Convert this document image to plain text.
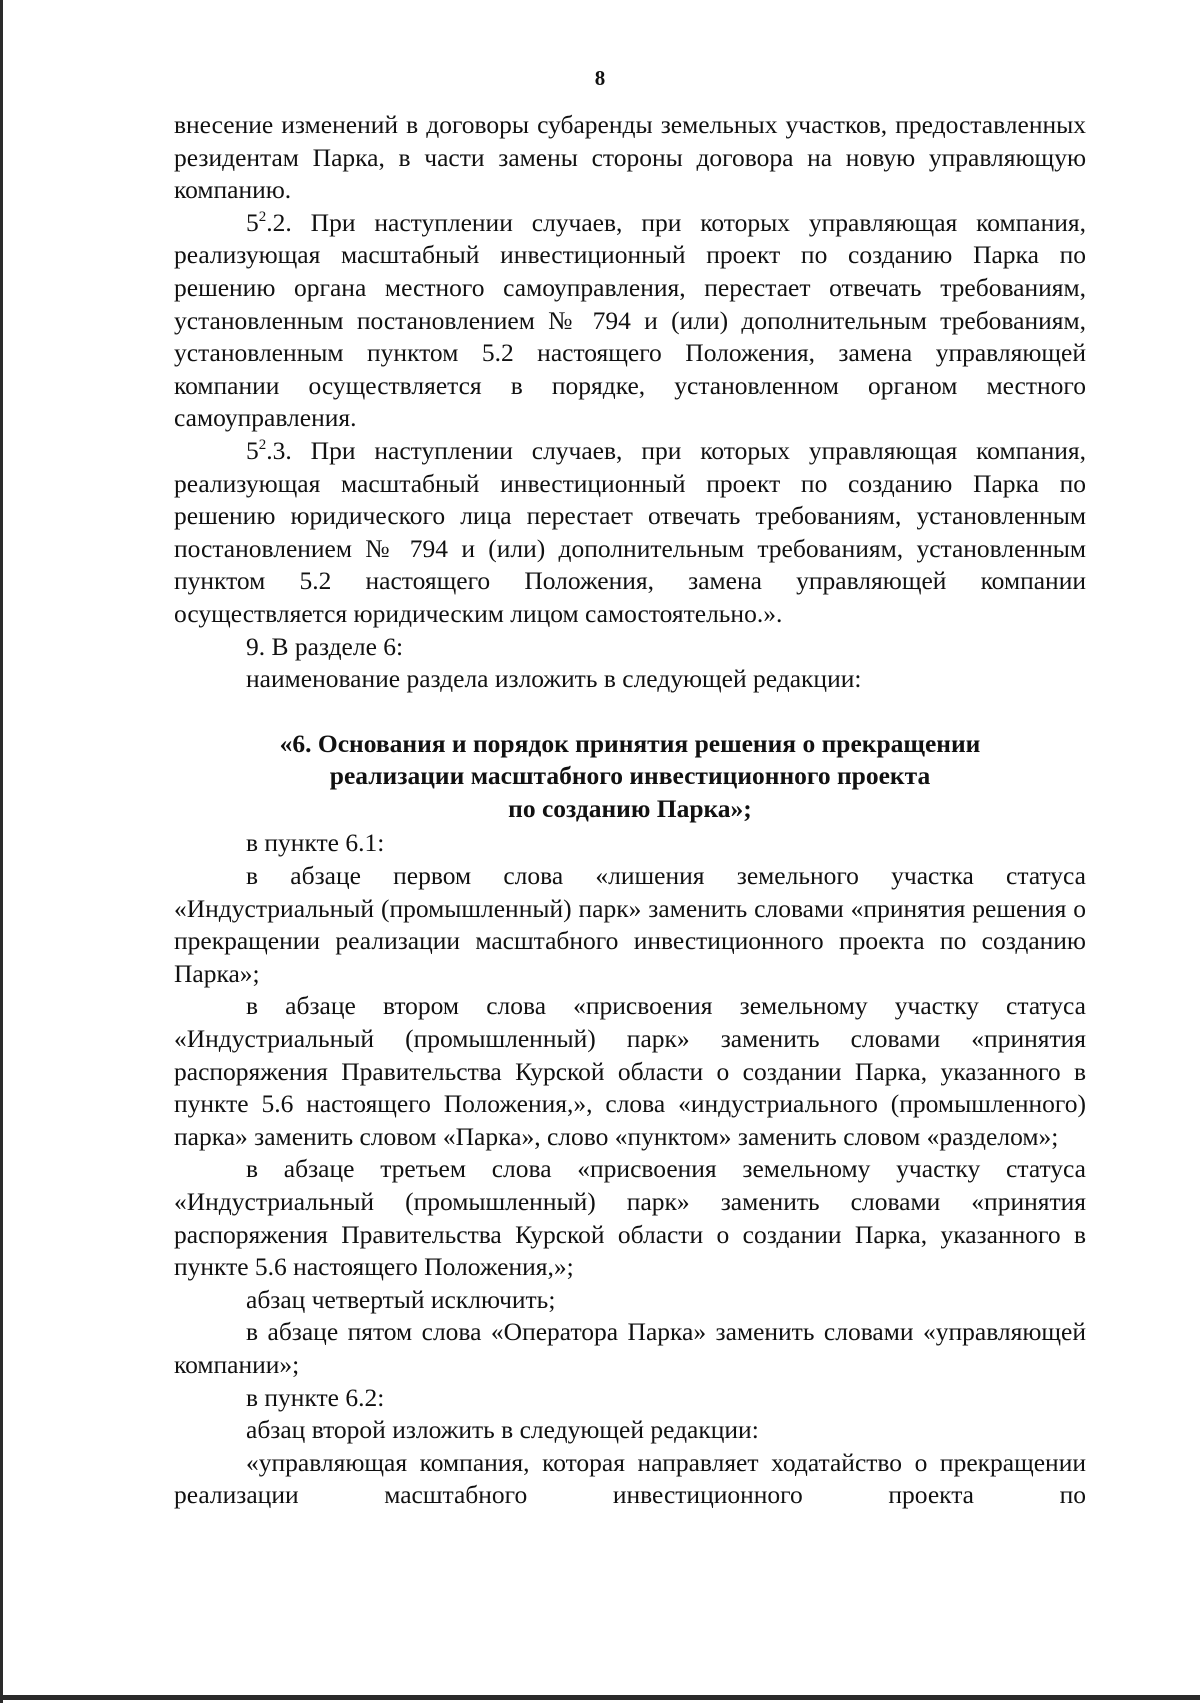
8

внесение изменений в договоры субаренды земельных участков, предоставленных резидентам Парка, в части замены стороны договора на новую управляющую компанию.

$5^2.2$. При наступлении случаев, при которых управляющая компания, реализующая масштабный инвестиционный проект по созданию Парка по решению органа местного самоуправления, перестает отвечать требованиям, установленным постановлением № 794 и (или) дополнительным требованиям, установленным пунктом 5.2 настоящего Положения, замена управляющей компании осуществляется в порядке, установленном органом местного самоуправления.

$5^2.3$. При наступлении случаев, при которых управляющая компания, реализующая масштабный инвестиционный проект по созданию Парка по решению юридического лица перестает отвечать требованиям, установленным постановлением № 794 и (или) дополнительным требованиям, установленным пунктом 5.2 настоящего Положения, замена управляющей компании осуществляется юридическим лицом самостоятельно.».

9. В разделе 6:

наименование раздела изложить в следующей редакции:

«6. Основания и порядок принятия решения о прекращении
реализации масштабного инвестиционного проекта
по созданию Парка»;

в пункте 6.1:

в абзаце первом слова «лишения земельного участка статуса «Индустриальный (промышленный) парк» заменить словами «принятия решения о прекращении реализации масштабного инвестиционного проекта по созданию Парка»;

в абзаце втором слова «присвоения земельному участку статуса «Индустриальный (промышленный) парк» заменить словами «принятия распоряжения Правительства Курской области о создании Парка, указанного в пункте 5.6 настоящего Положения,», слова «индустриального (промышленного) парка» заменить словом «Парка», слово «пунктом» заменить словом «разделом»;

в абзаце третьем слова «присвоения земельному участку статуса «Индустриальный (промышленный) парк» заменить словами «принятия распоряжения Правительства Курской области о создании Парка, указанного в пункте 5.6 настоящего Положения,»;

абзац четвертый исключить;

в абзаце пятом слова «Оператора Парка» заменить словами «управляющей компании»;

в пункте 6.2:

абзац второй изложить в следующей редакции:

«управляющая компания, которая направляет ходатайство о прекращении реализации масштабного инвестиционного проекта по
